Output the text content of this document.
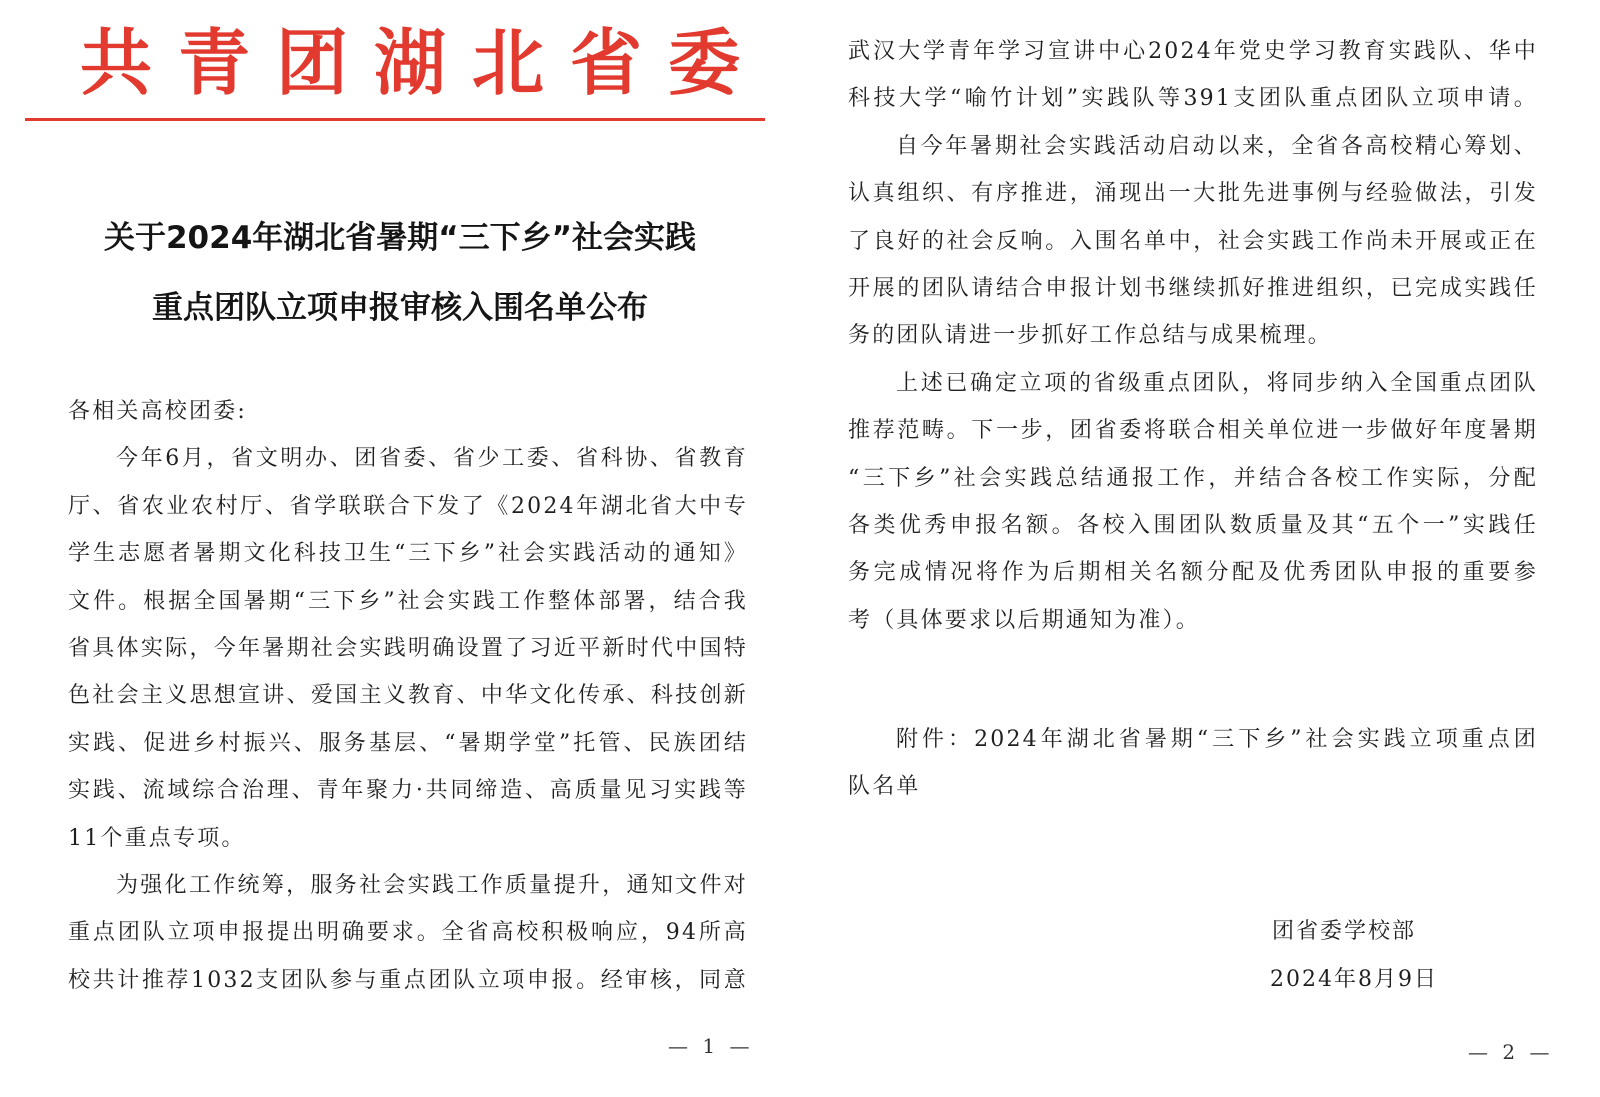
共青团湖北省委
关于2024年湖北省暑期“三下乡”社会实践
重点团队立项申报审核入围名单公布
各相关高校团委:
今年6月，省文明办、团省委、省少工委、省科协、省教育
厅、省农业农村厅、省学联联合下发了《2024年湖北省大中专
学生志愿者暑期文化科技卫生“三下乡”社会实践活动的通知》
文件。根据全国暑期“三下乡”社会实践工作整体部署，结合我
省具体实际，今年暑期社会实践明确设置了习近平新时代中国特
色社会主义思想宣讲、爱国主义教育、中华文化传承、科技创新
实践、促进乡村振兴、服务基层、“暑期学堂”托管、民族团结
实践、流域综合治理、青年聚力·共同缔造、高质量见习实践等
11个重点专项。
为强化工作统筹，服务社会实践工作质量提升，通知文件对
重点团队立项申报提出明确要求。全省高校积极响应，94所高
校共计推荐1032支团队参与重点团队立项申报。经审核，同意
— 1 —
武汉大学青年学习宣讲中心2024年党史学习教育实践队、华中
科技大学“喻竹计划”实践队等391支团队重点团队立项申请。
自今年暑期社会实践活动启动以来，全省各高校精心筹划、
认真组织、有序推进，涌现出一大批先进事例与经验做法，引发
了良好的社会反响。入围名单中，社会实践工作尚未开展或正在
开展的团队请结合申报计划书继续抓好推进组织，已完成实践任
务的团队请进一步抓好工作总结与成果梳理。
上述已确定立项的省级重点团队，将同步纳入全国重点团队
推荐范畴。下一步，团省委将联合相关单位进一步做好年度暑期
“三下乡”社会实践总结通报工作，并结合各校工作实际，分配
各类优秀申报名额。各校入围团队数质量及其“五个一”实践任
务完成情况将作为后期相关名额分配及优秀团队申报的重要参
考（具体要求以后期通知为准）。
附件：2024年湖北省暑期“三下乡”社会实践立项重点团
队名单
团省委学校部
2024年8月9日
— 2 —
